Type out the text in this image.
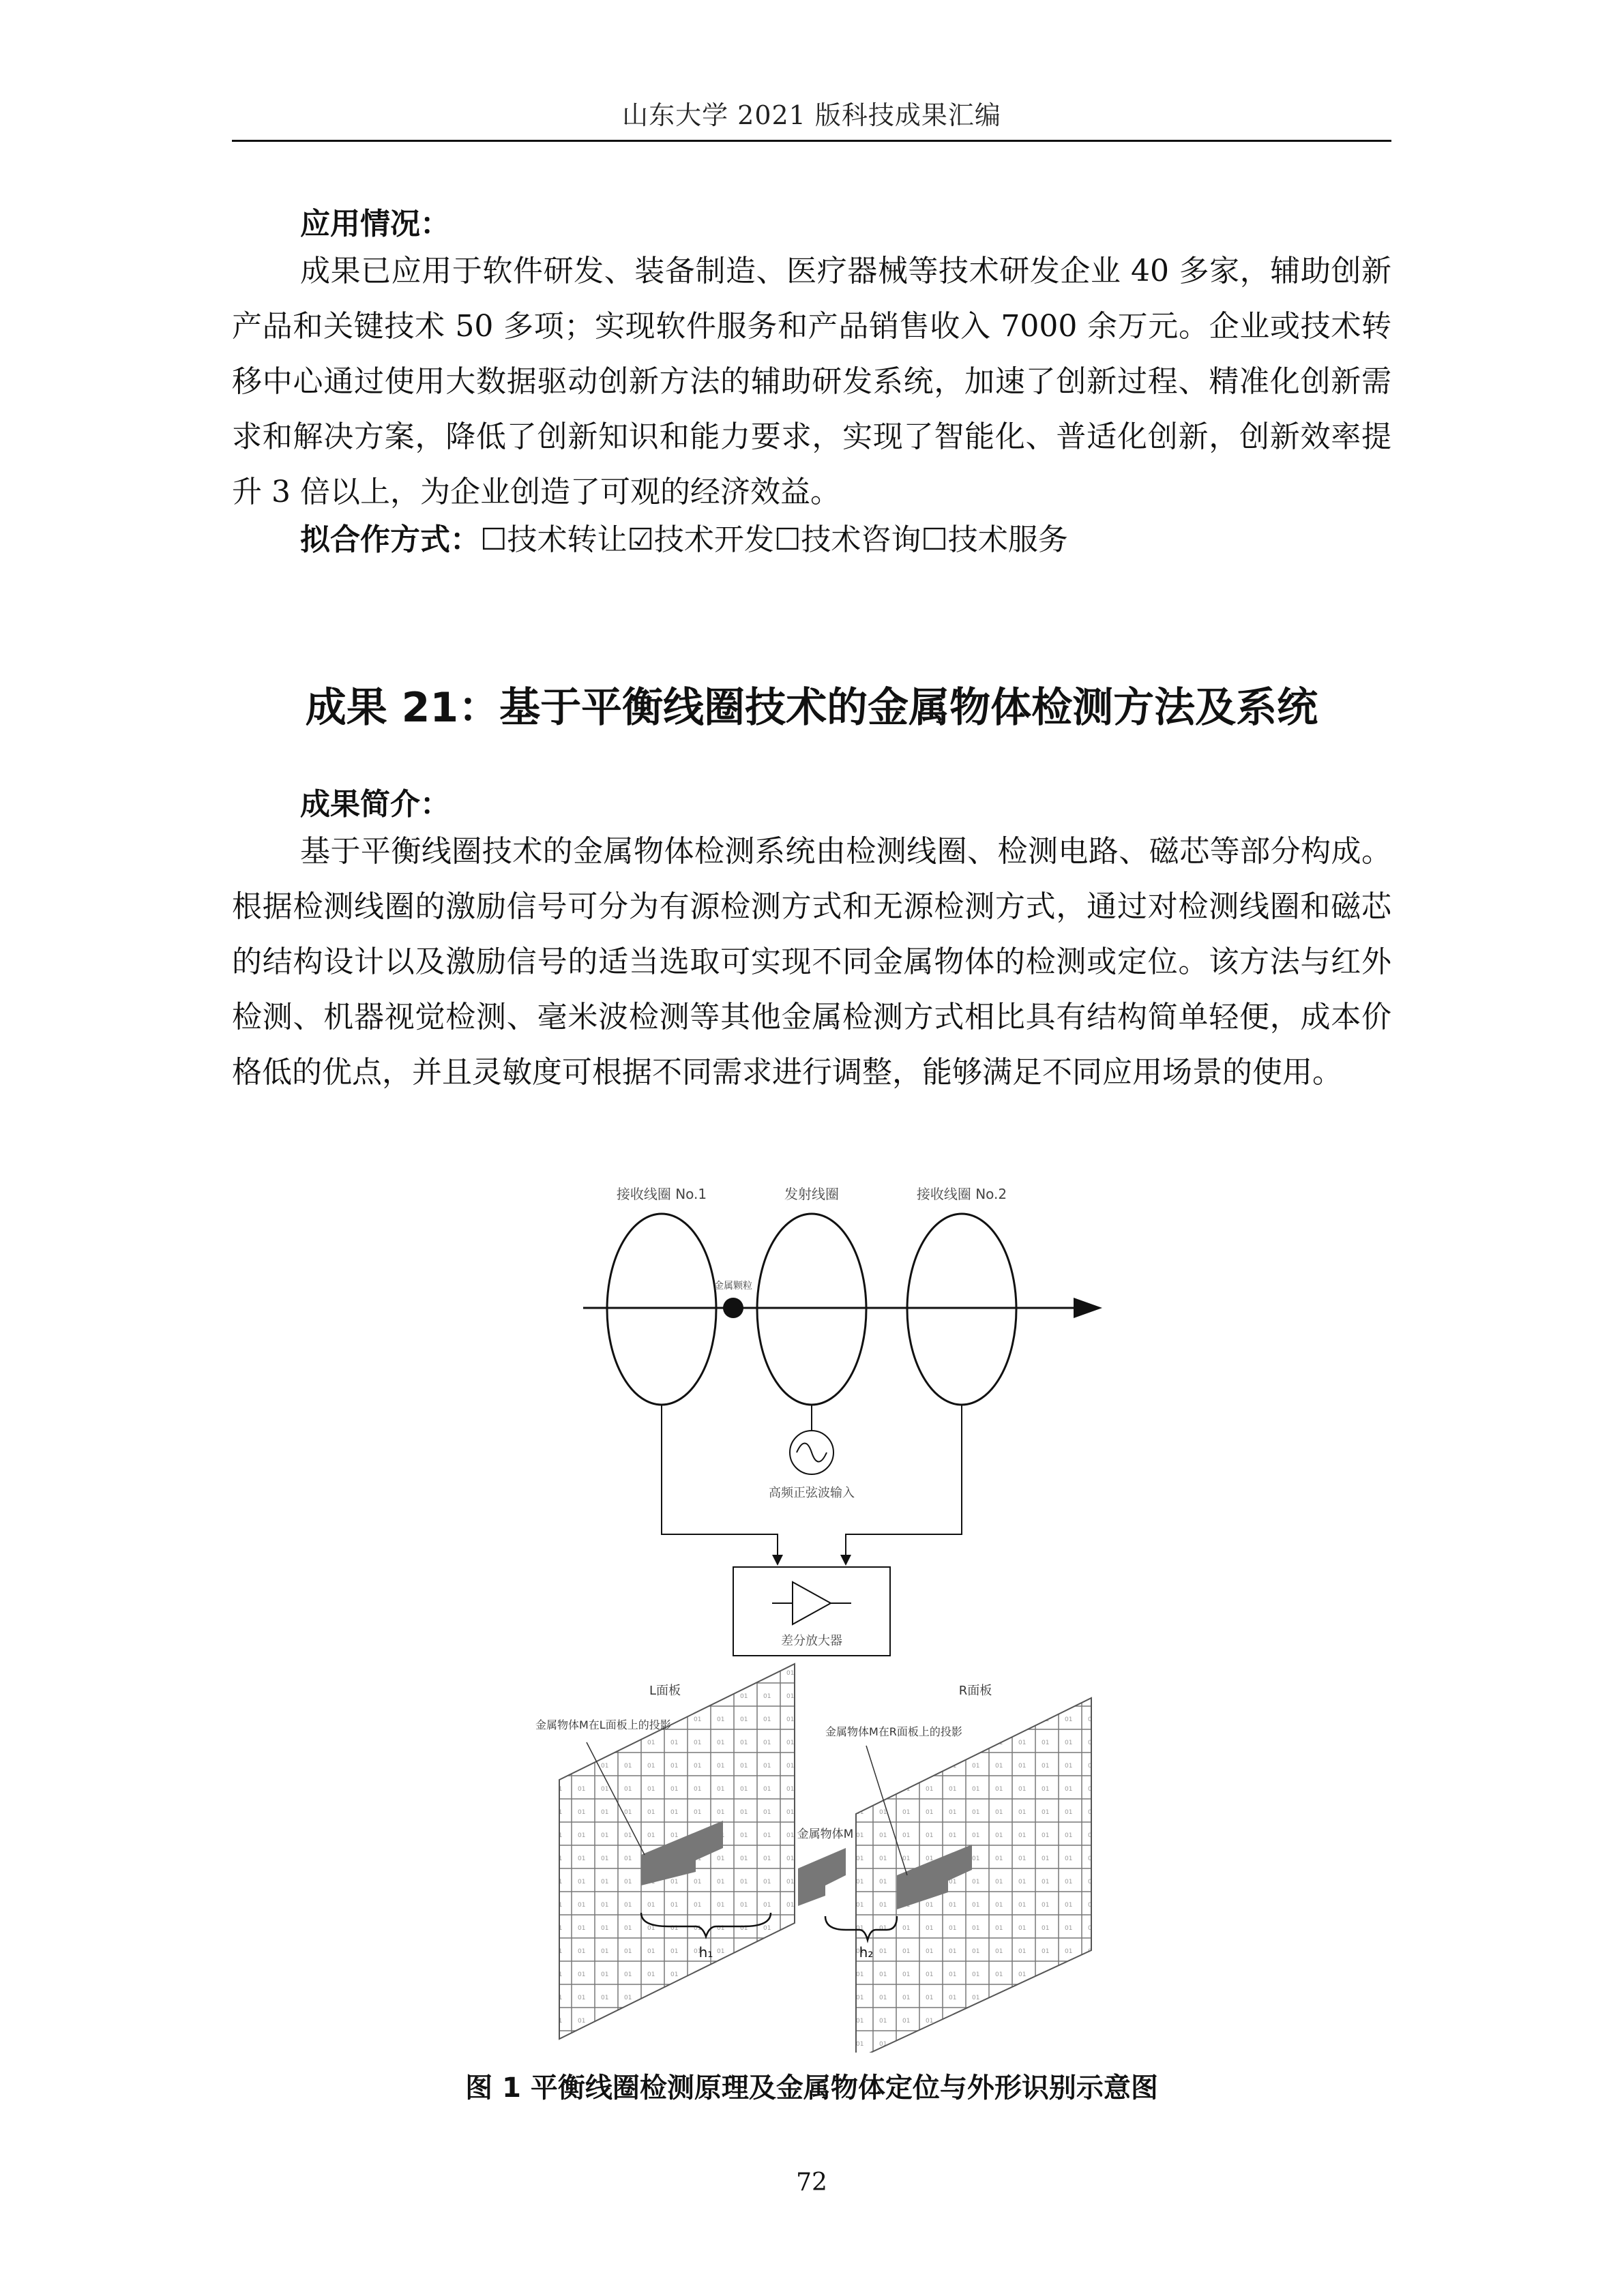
山东大学 2021 版科技成果汇编
应用情况：

成果已应用于软件研发、装备制造、医疗器械等技术研发企业 40 多家，辅助创新产品和关键技术 50 多项；实现软件服务和产品销售收入 7000 余万元。企业或技术转移中心通过使用大数据驱动创新方法的辅助研发系统，加速了创新过程、精准化创新需求和解决方案，降低了创新知识和能力要求，实现了智能化、普适化创新，创新效率提升 3 倍以上，为企业创造了可观的经济效益。

拟合作方式：☐技术转让☑技术开发☐技术咨询☐技术服务
成果 21：基于平衡线圈技术的金属物体检测方法及系统
成果简介：

基于平衡线圈技术的金属物体检测系统由检测线圈、检测电路、磁芯等部分构成。根据检测线圈的激励信号可分为有源检测方式和无源检测方式，通过对检测线圈和磁芯的结构设计以及激励信号的适当选取可实现不同金属物体的检测或定位。该方法与红外检测、机器视觉检测、毫米波检测等其他金属检测方式相比具有结构简单轻便，成本价格低的优点，并且灵敏度可根据不同需求进行调整，能够满足不同应用场景的使用。

接收线圈 No.1	发射线圈	接收线圈 No.2
金属颗粒
高频正弦波输入
差分放大器
L面板
金属物体M在L面板上的投影
金属物体M
R面板
金属物体M在R面板上的投影
h₁	h₂
图 1 平衡线圈检测原理及金属物体定位与外形识别示意图
72
